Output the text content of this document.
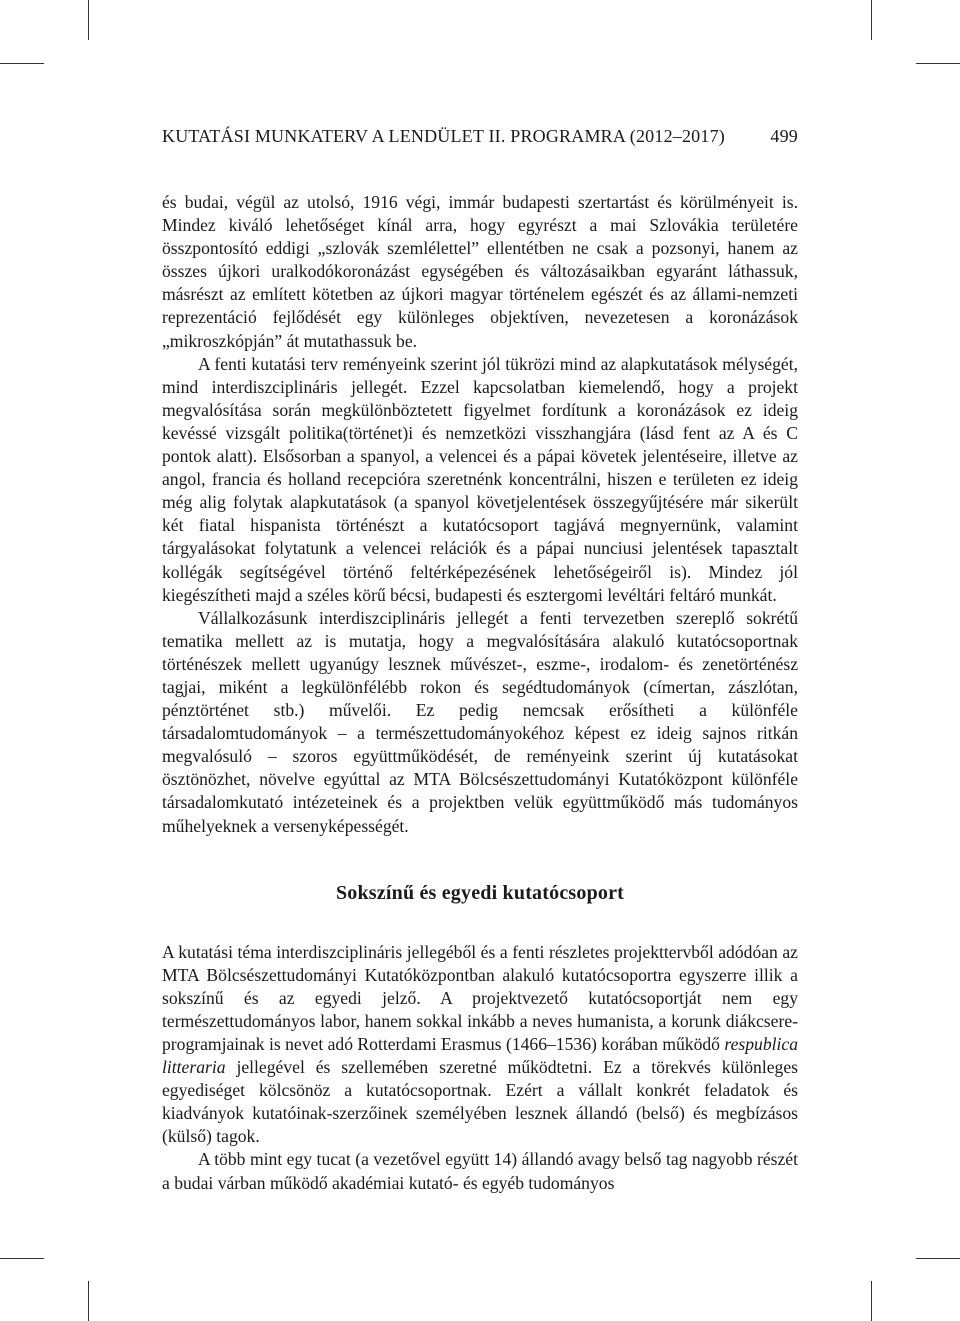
KUTATÁSI MUNKATERV A LENDÜLET II. PROGRAMRA (2012–2017)	499

és budai, végül az utolsó, 1916 végi, immár budapesti szertartást és körülményeit is. Mindez kiváló lehetőséget kínál arra, hogy egyrészt a mai Szlovákia területére összpontosító eddigi „szlovák szemlélettel” ellentétben ne csak a pozsonyi, hanem az összes újkori uralkodókoronázást egységében és változásaikban egyaránt láthassuk, másrészt az említett kötetben az újkori magyar történelem egészét és az állami-nemzeti reprezentáció fejlődését egy különleges objektíven, nevezetesen a koronázások „mikroszkópján” át mutathassuk be.

A fenti kutatási terv reményeink szerint jól tükrözi mind az alapkutatások mélységét, mind interdiszciplináris jellegét. Ezzel kapcsolatban kiemelendő, hogy a projekt megvalósítása során megkülönböztetett figyelmet fordítunk a koronázások ez ideig kevéssé vizsgált politika(történet)i és nemzetközi visszhangjára (lásd fent az A és C pontok alatt). Elsősorban a spanyol, a velencei és a pápai követek jelentéseire, illetve az angol, francia és holland recepcióra szeretnénk koncentrálni, hiszen e területen ez ideig még alig folytak alapkutatások (a spanyol követjelentések összegyűjtésére már sikerült két fiatal hispanista történészt a kutatócsoport tagjává megnyernünk, valamint tárgyalásokat folytatunk a velencei relációk és a pápai nunciusi jelentések tapasztalt kollégák segítségével történő feltérképezésének lehetőségeiről is). Mindez jól kiegészítheti majd a széles körű bécsi, budapesti és esztergomi levéltári feltáró munkát.

Vállalkozásunk interdiszciplináris jellegét a fenti tervezetben szereplő sokrétű tematika mellett az is mutatja, hogy a megvalósítására alakuló kutatócsoportnak történészek mellett ugyanúgy lesznek művészet-, eszme-, irodalom- és zenetörténész tagjai, miként a legkülönfélébb rokon és segédtudományok (címertan, zászlótan, pénztörténet stb.) művelői. Ez pedig nemcsak erősítheti a különféle társadalomtudományok – a természettudományokéhoz képest ez ideig sajnos ritkán megvalósuló – szoros együttműködését, de reményeink szerint új kutatásokat ösztönözhet, növelve egyúttal az MTA Bölcsészettudományi Kutatóközpont különféle társadalomkutató intézeteinek és a projektben velük együttműködő más tudományos műhelyeknek a versenyképességét.

Sokszínű és egyedi kutatócsoport

A kutatási téma interdiszciplináris jellegéből és a fenti részletes projekttervből adódóan az MTA Bölcsészettudományi Kutatóközpontban alakuló kutatócsoportra egyszerre illik a sokszínű és az egyedi jelző. A projektvezető kutatócsoportját nem egy természettudományos labor, hanem sokkal inkább a neves humanista, a korunk diákcsere-programjainak is nevet adó Rotterdami Erasmus (1466–1536) korában működő respublica litteraria jellegével és szellemében szeretné működtetni. Ez a törekvés különleges egyediséget kölcsönöz a kutatócsoportnak. Ezért a vállalt konkrét feladatok és kiadványok kutatóinak-szerzőinek személyében lesznek állandó (belső) és megbízásos (külső) tagok.

A több mint egy tucat (a vezetővel együtt 14) állandó avagy belső tag nagyobb részét a budai várban működő akadémiai kutató- és egyéb tudományos
